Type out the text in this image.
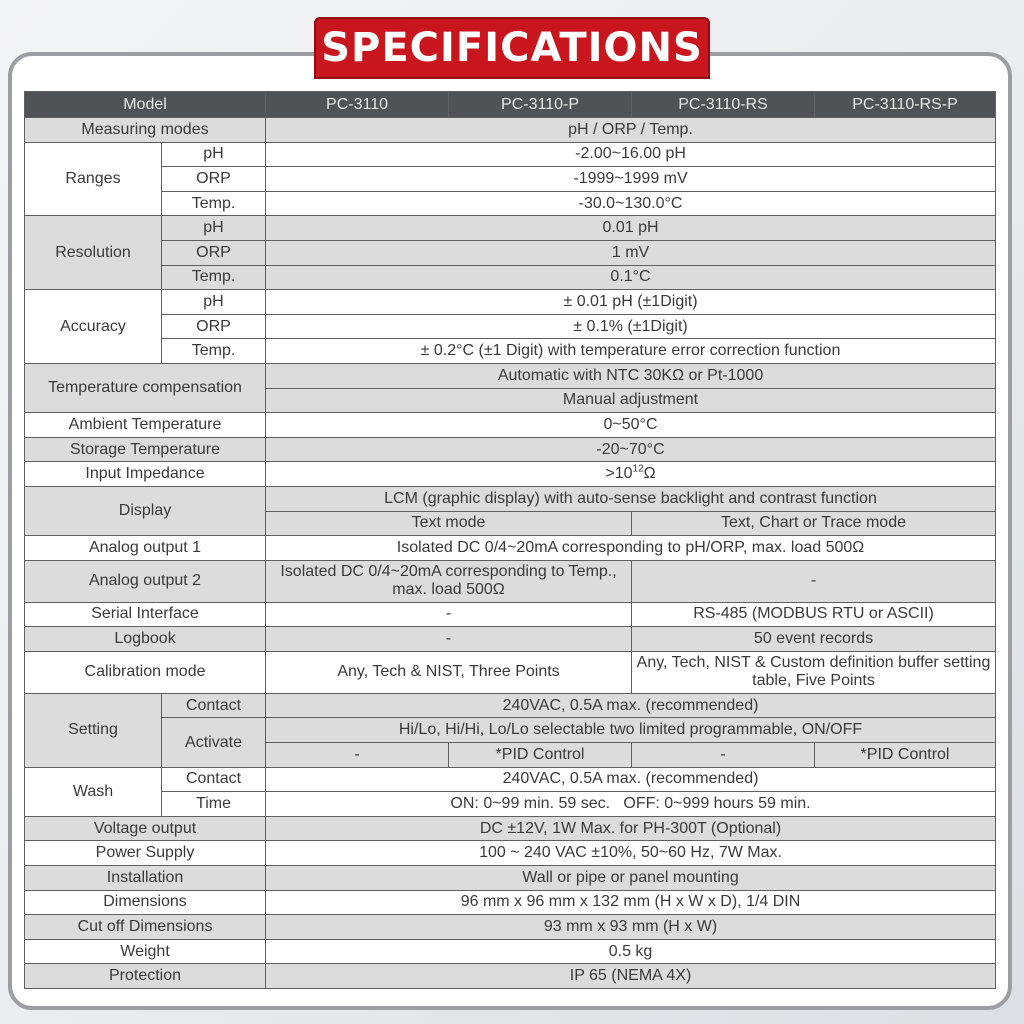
SPECIFICATIONS
Model		PC-3110	PC-3110-P	PC-3110-RS	PC-3110-RS-P
Measuring modes		pH / ORP / Temp.			
Ranges	pH	-2.00~16.00 pH			
	ORP	-1999~1999 mV			
	Temp.	-30.0~130.0°C			
Resolution	pH	0.01 pH			
	ORP	1 mV			
	Temp.	0.1°C			
Accuracy	pH	± 0.01 pH (±1Digit)			
	ORP	± 0.1% (±1Digit)			
	Temp.	± 0.2°C (±1 Digit) with temperature error correction function			
Temperature compensation		Automatic with NTC 30KΩ or Pt-1000			
		Manual adjustment			
Ambient Temperature		0~50°C			
Storage Temperature		-20~70°C			
Input Impedance		$>10^{12}\Omega$			
Display		LCM (graphic display) with auto-sense backlight and contrast function			
		Text mode		Text, Chart or Trace mode	
Analog output 1		Isolated DC 0/4~20mA corresponding to pH/ORP, max. load 500Ω			
Analog output 2		Isolated DC 0/4~20mA corresponding to Temp., max. load 500Ω		-	
Serial Interface		-		RS-485 (MODBUS RTU or ASCII)	
Logbook		-		50 event records	
Calibration mode		Any, Tech & NIST, Three Points		Any, Tech, NIST & Custom definition buffer setting table, Five Points	
Setting	Contact	240VAC, 0.5A max. (recommended)			
	Activate	Hi/Lo, Hi/Hi, Lo/Lo selectable two limited programmable, ON/OFF			
		-	*PID Control	-	*PID Control
Wash	Contact	240VAC, 0.5A max. (recommended)			
	Time	ON: 0~99 min. 59 sec.   OFF: 0~999 hours 59 min.			
Voltage output		DC ±12V, 1W Max. for PH-300T (Optional)			
Power Supply		100 ~ 240 VAC ±10%, 50~60 Hz, 7W Max.			
Installation		Wall or pipe or panel mounting			
Dimensions		96 mm x 96 mm x 132 mm (H x W x D), 1/4 DIN			
Cut off Dimensions		93 mm x 93 mm (H x W)			
Weight		0.5 kg			
Protection		IP 65 (NEMA 4X)			
